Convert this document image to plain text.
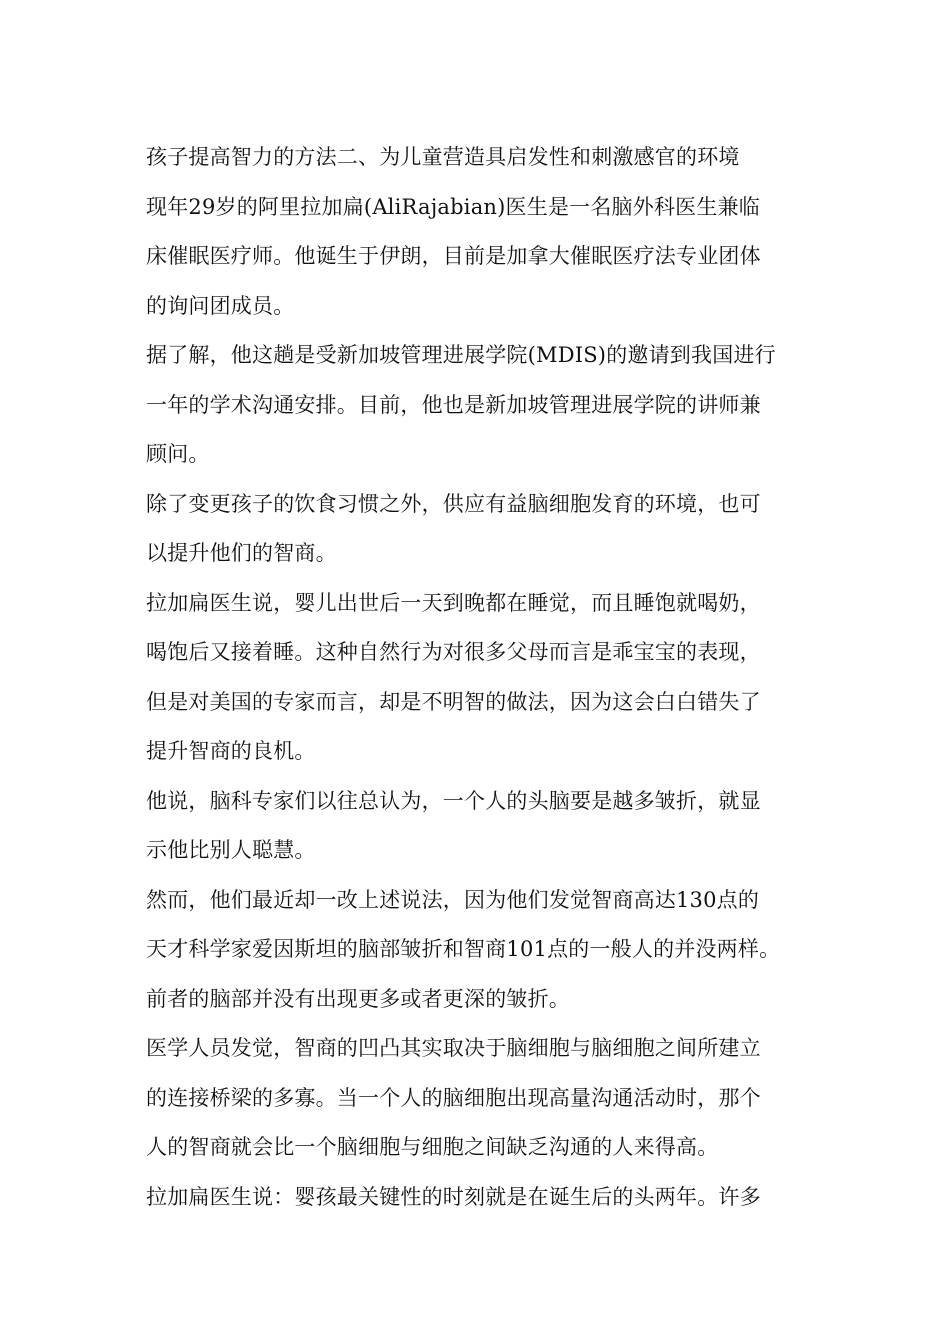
孩子提高智力的方法二、为儿童营造具启发性和刺激感官的环境
现年29岁的阿里拉加扁(AliRajabian)医生是一名脑外科医生兼临
床催眠医疗师。他诞生于伊朗，目前是加拿大催眠医疗法专业团体
的询问团成员。
据了解，他这趟是受新加坡管理进展学院(MDIS)的邀请到我国进行
一年的学术沟通安排。目前，他也是新加坡管理进展学院的讲师兼
顾问。
除了变更孩子的饮食习惯之外，供应有益脑细胞发育的环境，也可
以提升他们的智商。
拉加扁医生说，婴儿出世后一天到晚都在睡觉，而且睡饱就喝奶，
喝饱后又接着睡。这种自然行为对很多父母而言是乖宝宝的表现，
但是对美国的专家而言，却是不明智的做法，因为这会白白错失了
提升智商的良机。
他说，脑科专家们以往总认为，一个人的头脑要是越多皱折，就显
示他比别人聪慧。
然而，他们最近却一改上述说法，因为他们发觉智商高达130点的
天才科学家爱因斯坦的脑部皱折和智商101点的一般人的并没两样。
前者的脑部并没有出现更多或者更深的皱折。
医学人员发觉，智商的凹凸其实取决于脑细胞与脑细胞之间所建立
的连接桥梁的多寡。当一个人的脑细胞出现高量沟通活动时，那个
人的智商就会比一个脑细胞与细胞之间缺乏沟通的人来得高。
拉加扁医生说：婴孩最关键性的时刻就是在诞生后的头两年。许多
